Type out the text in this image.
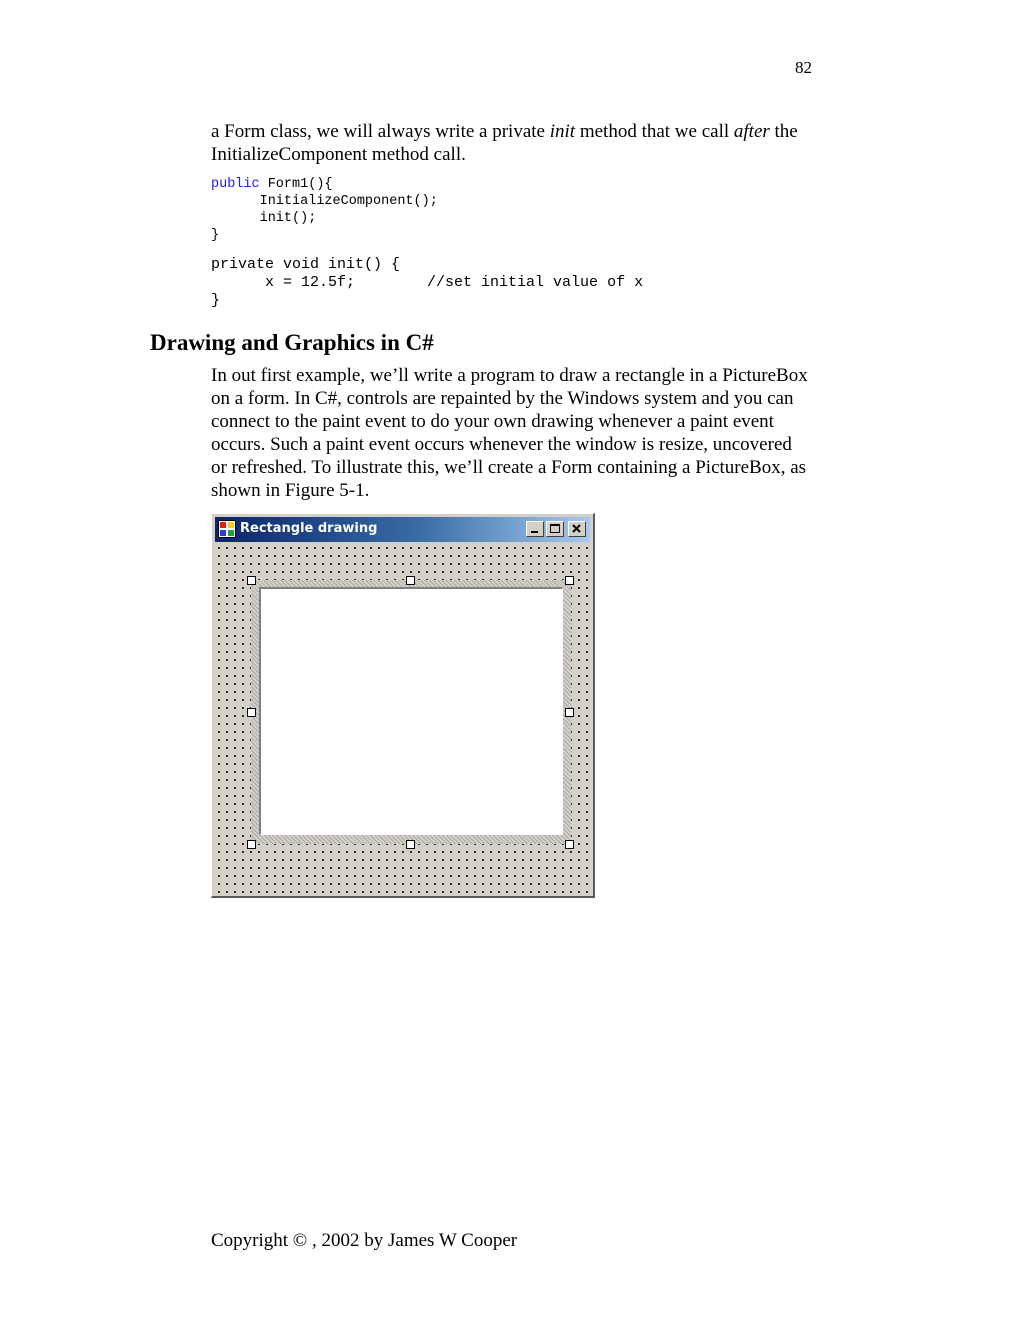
82

a Form class, we will always write a private init method that we call after the InitializeComponent method call.

public Form1(){
InitializeComponent();
init();
}
private void init() {
x = 12.5f;        //set initial value of x
}
Drawing and Graphics in C#

In out first example, we’ll write a program to draw a rectangle in a PictureBox on a form. In C#, controls are repainted by the Windows system and you can connect to the paint event to do your own drawing whenever a paint event occurs. Such a paint event occurs whenever the window is resize, uncovered or refreshed. To illustrate this, we’ll create a Form containing a PictureBox, as shown in Figure 5-1.

Rectangle drawing

Copyright © , 2002 by James W Cooper
